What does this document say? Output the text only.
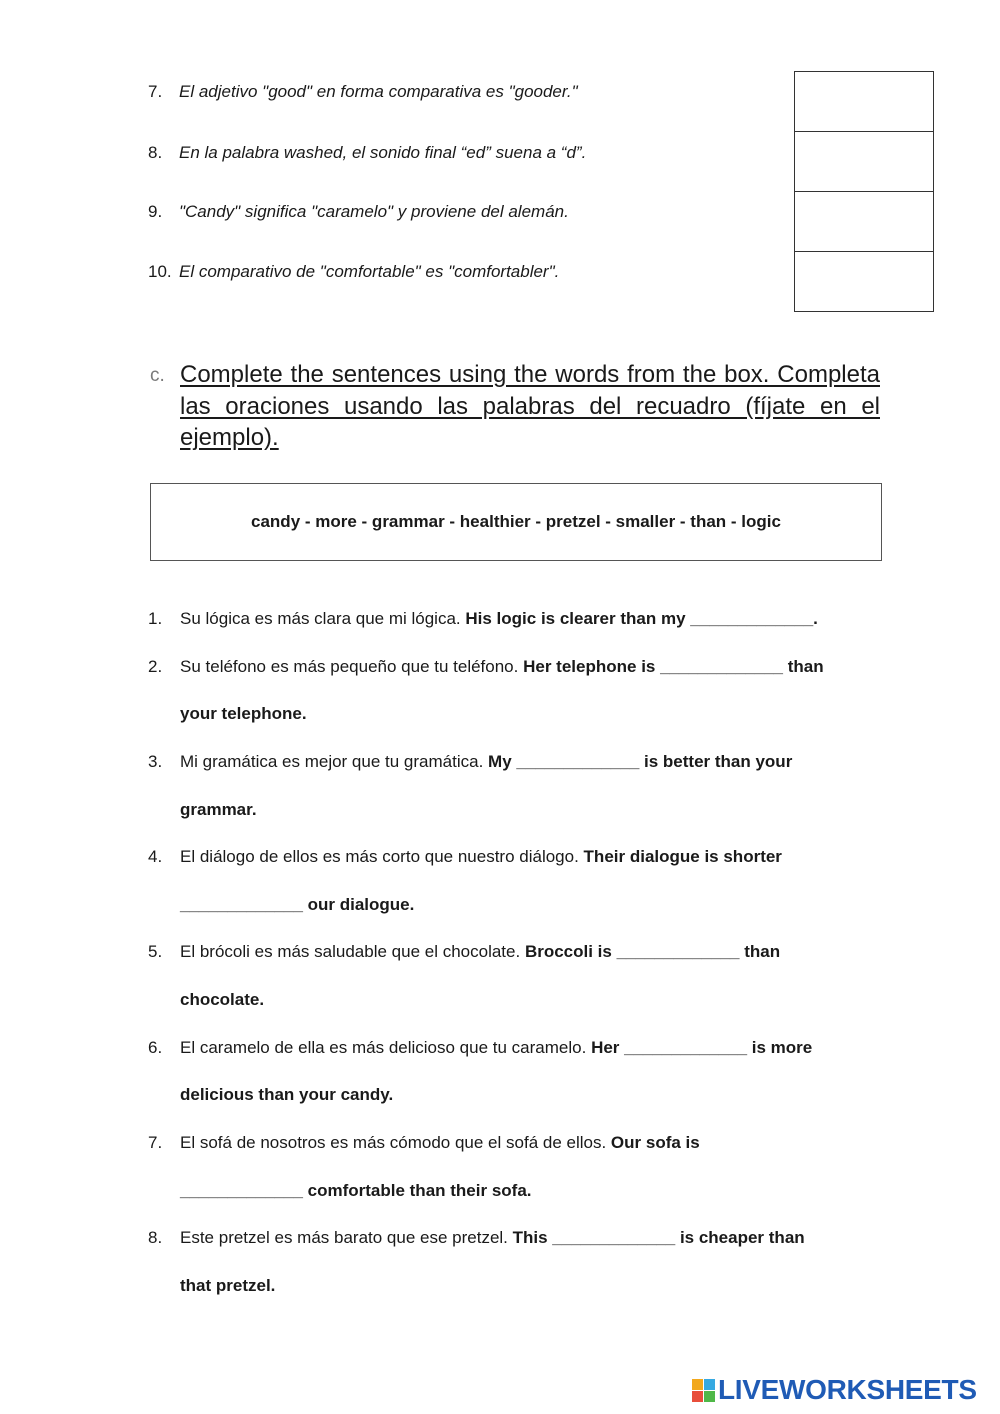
7. El adjetivo "good" en forma comparativa es "gooder."
8. En la palabra washed, el sonido final “ed” suena a “d”.
9. "Candy" significa "caramelo" y proviene del alemán.
10. El comparativo de "comfortable" es "comfortabler".
c. Complete the sentences using the words from the box. Completa las oraciones usando las palabras del recuadro (fíjate en el ejemplo).
candy - more - grammar - healthier - pretzel - smaller - than - logic
1. Su lógica es más clara que mi lógica. His logic is clearer than my _____________.
2. Su teléfono es más pequeño que tu teléfono. Her telephone is _____________ than
your telephone.
3. Mi gramática es mejor que tu gramática. My _____________ is better than your
grammar.
4. El diálogo de ellos es más corto que nuestro diálogo. Their dialogue is shorter
_____________ our dialogue.
5. El brócoli es más saludable que el chocolate. Broccoli is _____________ than
chocolate.
6. El caramelo de ella es más delicioso que tu caramelo. Her _____________ is more
delicious than your candy.
7. El sofá de nosotros es más cómodo que el sofá de ellos. Our sofa is
_____________ comfortable than their sofa.
8. Este pretzel es más barato que ese pretzel. This _____________ is cheaper than
that pretzel.
LIVEWORKSHEETS
